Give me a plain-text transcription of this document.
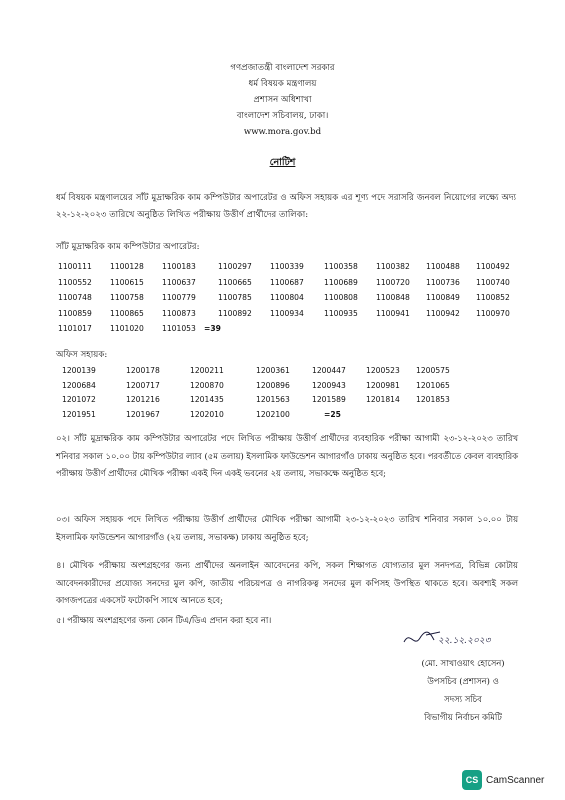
গণপ্রজাতন্ত্রী বাংলাদেশ সরকার
ধর্ম বিষয়ক মন্ত্রণালয়
প্রশাসন অধিশাখা
বাংলাদেশ সচিবালয়, ঢাকা।
www.mora.gov.bd
নোটিশ
ধর্ম বিষয়ক মন্ত্রণালয়ের সাঁট মুদ্রাক্ষরিক কাম কম্পিউটার অপারেটর ও অফিস সহায়ক এর শূণ্য পদে সরাসরি জনবল নিয়োগের লক্ষ্যে অদ্য ২২-১২-২০২৩ তারিখে অনুষ্ঠিত লিখিত পরীক্ষায় উত্তীর্ণ প্রার্থীদের তালিকা:
সাঁট মুদ্রাক্ষরিক কাম কম্পিউটার অপারেটর:
1100111 1100128 1100183	1100297 1100339	1100358 1100382 1100488 1100492
1100552 1100615 1100637	1100665 1100687	1100689 1100720 1100736 1100740
1100748 1100758 1100779	1100785 1100804	1100808 1100848 1100849 1100852
1100859 1100865 1100873	1100892 1100934	1100935 1100941 1100942 1100970
1101017 1101020 1101053 =39
অফিস সহায়ক:
1200139	1200178	1200211	1200361	1200447	1200523 1200575
1200684	1200717	1200870	1200896	1200943	1200981 1201065
1201072	1201216	1201435	1201563	1201589	1201814 1201853
1201951	1201967	1202010	1202100	=25
০২। সাঁট মুদ্রাক্ষরিক কাম কম্পিউটার অপারেটর পদে লিখিত পরীক্ষায় উত্তীর্ণ প্রার্থীদের ব্যবহারিক পরীক্ষা আগামী ২৩-১২-২০২৩ তারিখ শনিবার সকাল ১০.০০ টায় কম্পিউটার ল্যাব (৫ম তলায়) ইসলামিক ফাউন্ডেশন আগারগাঁও ঢাকায় অনুষ্ঠিত হবে। পরবর্তীতে কেবল ব্যবহারিক পরীক্ষায় উত্তীর্ণ প্রার্থীদের মৌখিক পরীক্ষা একই দিন একই ভবনের ২য় তলায়, সভাকক্ষে অনুষ্ঠিত হবে;
০৩। অফিস সহায়ক পদে লিখিত পরীক্ষায় উত্তীর্ণ প্রার্থীদের মৌখিক পরীক্ষা আগামী ২৩-১২-২০২৩ তারিখ শনিবার সকাল ১০.০০ টায় ইসলামিক ফাউন্ডেশন আগারগাঁও (২য় তলায়, সভাকক্ষ) ঢাকায় অনুষ্ঠিত হবে;
৪। মৌখিক পরীক্ষায় অংশগ্রহণের জন্য প্রার্থীদের অনলাইন আবেদনের কপি, সকল শিক্ষাগত যোগ্যতার মুল সনদপত্র, বিভিন্ন কোটায় আবেদনকারীদের প্রযোজ্য সনদের মুল কপি, জাতীয় পরিচয়পত্র ও নাগরিকত্ব সনদের মুল কপিসহ উপস্থিত থাকতে হবে। অবশ্যই সকল কাগজপত্রের একসেট ফটোকপি সাথে আনতে হবে;
৫। পরীক্ষায় অংশগ্রহণের জন্য কোন টিএ/ডিএ প্রদান করা হবে না।
২২.১২.২০২৩
(মো. সাখাওয়াৎ হোসেন)
উপসচিব (প্রশাসন) ও
সদস্য সচিব
বিভাগীয় নির্বাচন কমিটি
CS CamScanner
